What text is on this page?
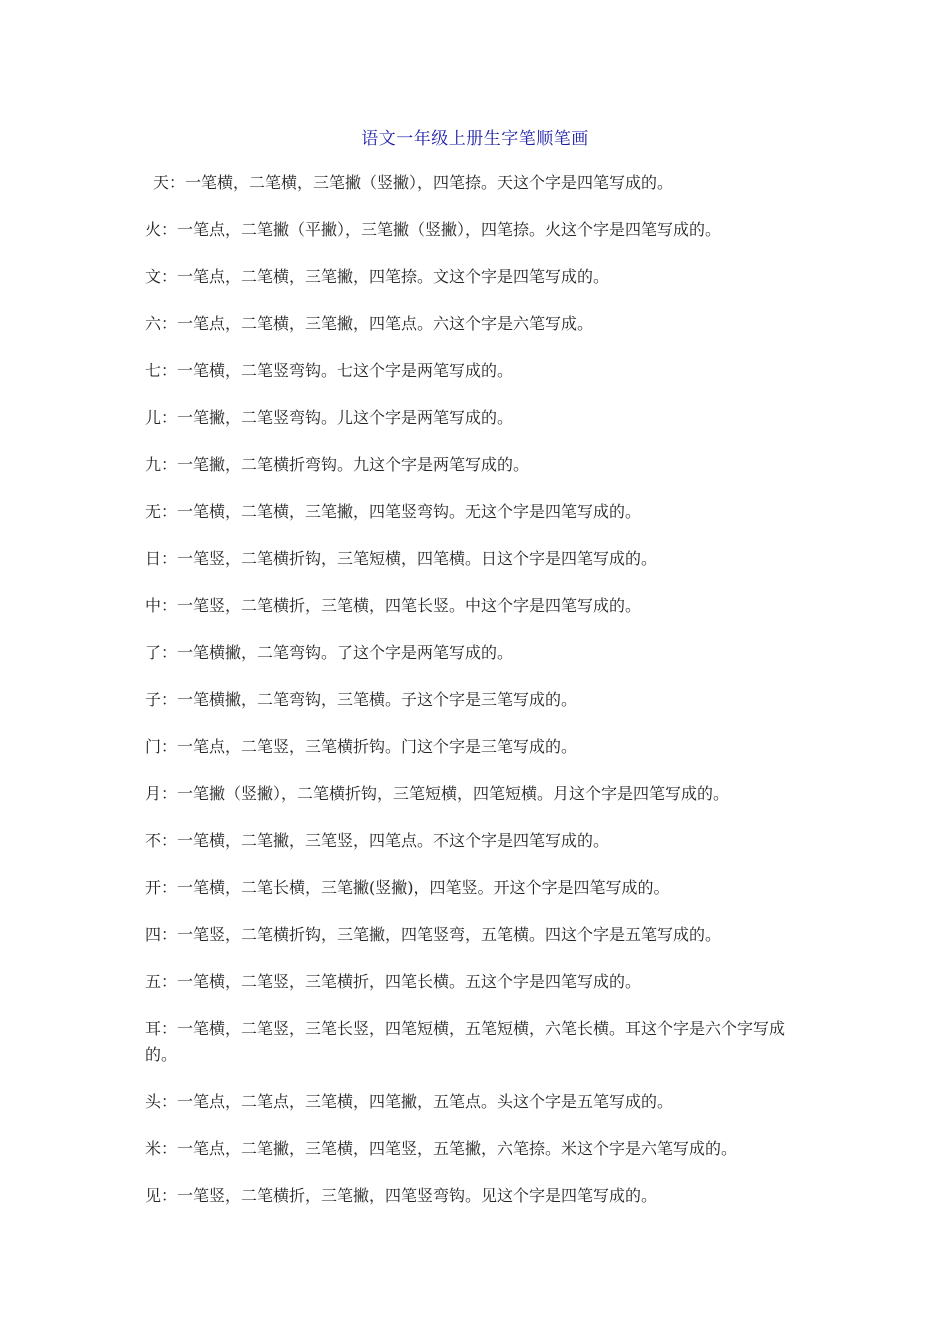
语文一年级上册生字笔顺笔画

天：一笔横，二笔横，三笔撇（竖撇），四笔捺。天这个字是四笔写成的。

火：一笔点，二笔撇（平撇），三笔撇（竖撇），四笔捺。火这个字是四笔写成的。

文：一笔点，二笔横，三笔撇，四笔捺。文这个字是四笔写成的。

六：一笔点，二笔横，三笔撇，四笔点。六这个字是六笔写成。

七：一笔横，二笔竖弯钩。七这个字是两笔写成的。

儿：一笔撇，二笔竖弯钩。儿这个字是两笔写成的。

九：一笔撇，二笔横折弯钩。九这个字是两笔写成的。

无：一笔横，二笔横，三笔撇，四笔竖弯钩。无这个字是四笔写成的。

日：一笔竖，二笔横折钩，三笔短横，四笔横。日这个字是四笔写成的。

中：一笔竖，二笔横折，三笔横，四笔长竖。中这个字是四笔写成的。

了：一笔横撇，二笔弯钩。了这个字是两笔写成的。

子：一笔横撇，二笔弯钩，三笔横。子这个字是三笔写成的。

门：一笔点，二笔竖，三笔横折钩。门这个字是三笔写成的。

月：一笔撇（竖撇），二笔横折钩，三笔短横，四笔短横。月这个字是四笔写成的。

不：一笔横，二笔撇，三笔竖，四笔点。不这个字是四笔写成的。

开：一笔横，二笔长横，三笔撇(竖撇)，四笔竖。开这个字是四笔写成的。

四：一笔竖，二笔横折钩，三笔撇，四笔竖弯，五笔横。四这个字是五笔写成的。

五：一笔横，二笔竖，三笔横折，四笔长横。五这个字是四笔写成的。

耳：一笔横，二笔竖，三笔长竖，四笔短横，五笔短横，六笔长横。耳这个字是六个字写成的。

头：一笔点，二笔点，三笔横，四笔撇，五笔点。头这个字是五笔写成的。

米：一笔点，二笔撇，三笔横，四笔竖，五笔撇，六笔捺。米这个字是六笔写成的。

见：一笔竖，二笔横折，三笔撇，四笔竖弯钩。见这个字是四笔写成的。
